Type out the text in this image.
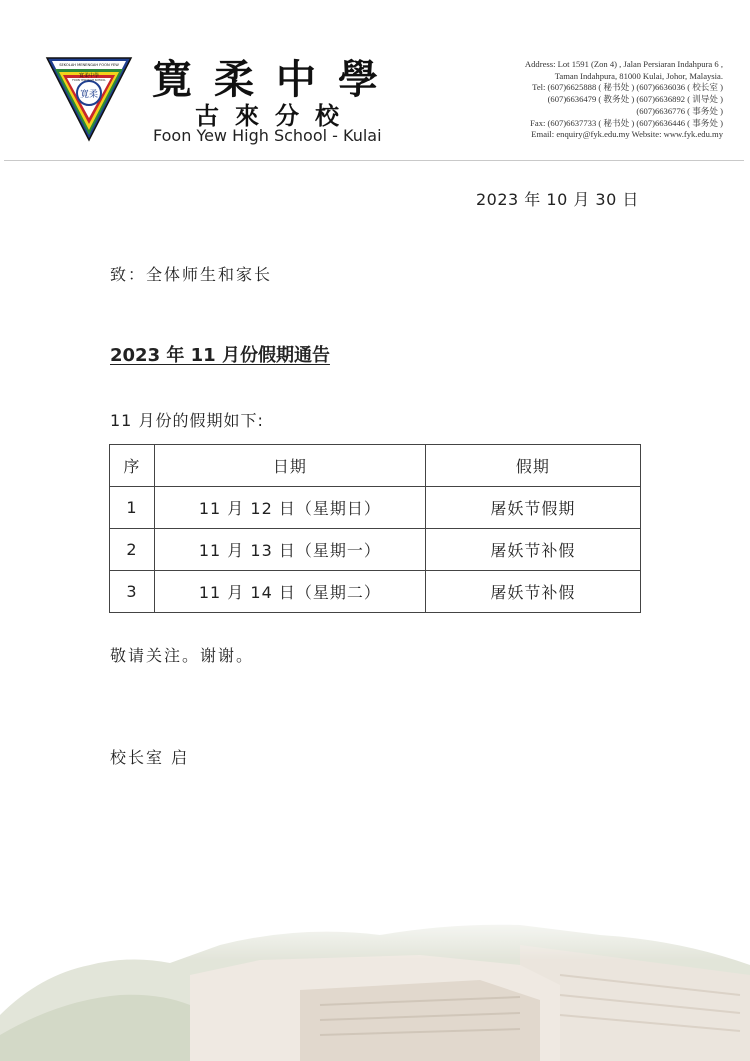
寬柔
SEKOLAH MENENGAH FOON YEW
寬柔中學
FOON YEW HIGH SCHOOL 寛柔中學
古來分校
Foon Yew High School - Kulai
Address: Lot 1591 (Zon 4) , Jalan Persiaran Indahpura 6 ,
Taman Indahpura, 81000 Kulai, Johor, Malaysia.
Tel: (607)6625888 ( 秘书处 ) (607)6636036 ( 校长室 )
(607)6636479 ( 教务处 ) (607)6636892 ( 训导处 )
(607)6636776 ( 事务处 )
Fax: (607)6637733 ( 秘书处 ) (607)6636446 ( 事务处 )
Email: enquiry@fyk.edu.my Website: www.fyk.edu.my
2023 年 10 月 30 日
致：全体师生和家长
2023 年 11 月份假期通告
11 月份的假期如下:
序	日期	假期
1	11 月 12 日（星期日）	屠妖节假期
2	11 月 13 日（星期一）	屠妖节补假
3	11 月 14 日（星期二）	屠妖节补假
敬请关注。谢谢。
校长室 启
